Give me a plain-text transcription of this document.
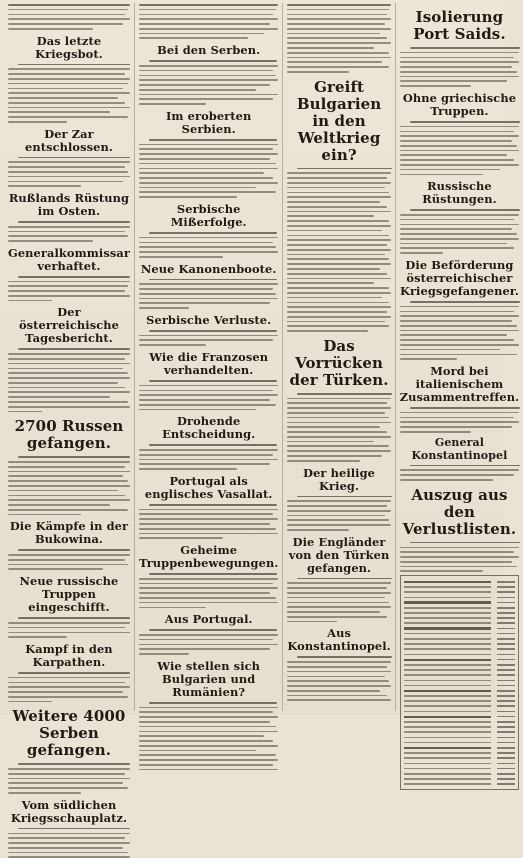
Das letzte Kriegsbot.
Der Zar entschlossen.
Rußlands Rüstung im Osten.
Generalkommissar verhaftet.
Der österreichische Tagesbericht.
2700 Russen gefangen.
Die Kämpfe in der Bukowina.
Neue russische Truppen eingeschifft.
Kampf in den Karpathen.
Weitere 4000 Serben gefangen.
Vom südlichen Kriegsschauplatz.
Bei den Serben.
Im eroberten Serbien.
Serbische Mißerfolge.
Neue Kanonenboote.
Serbische Verluste.
Wie die Franzosen verhandelten.
Drohende Entscheidung.
Portugal als englisches Vasallat.
Geheime Truppenbewegungen.
Aus Portugal.
Wie stellen sich Bulgarien und Rumänien?
Greift Bulgarien in den Weltkrieg ein?
Das Vorrücken der Türken.
Der heilige Krieg.
Die Engländer von den Türken gefangen.
Aus Konstantinopel.
Isolierung Port Saids.
Ohne griechische Truppen.
Russische Rüstungen.
Die Beförderung österreichischer Kriegsgefangener.
Mord bei italienischem Zusammentreffen.
General Konstantinopel
Auszug aus den Verlustlisten.
